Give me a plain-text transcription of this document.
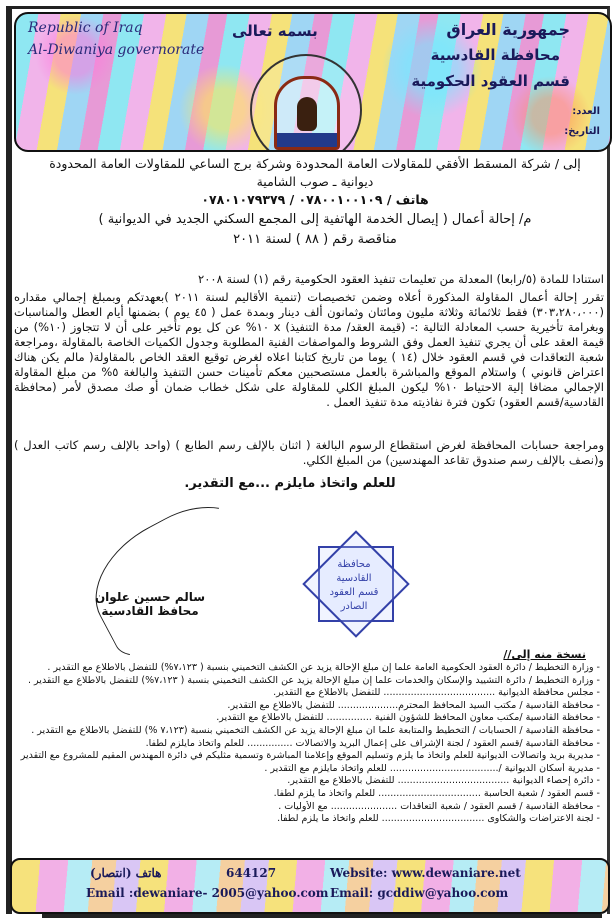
Republic of Iraq
Al-Diwaniya governorate
بسمه تعالى	جمهورية العراق
محافظة القادسية
قسم العقود الحكومية
العدد:
التاريخ:
إلى / شركة المسقط الأفقي للمقاولات العامة المحدودة وشركة برج الساعي للمقاولات العامة المحدودة
ديوانية ـ صوب الشامية
هاتف / ٠٧٨٠٠١٠٠١٠٩ / ٠٧٨٠١٠٧٩٣٧٩
م/ إحالة أعمال ( إيصال الخدمة الهاتفية إلى المجمع السكني الجديد في الديوانية )
مناقصة رقم ( ٨٨ ) لسنة ٢٠١١
استنادا للمادة (٥/رابعا) المعدلة من تعليمات تنفيذ العقود الحكومية رقم (١) لسنة ٢٠٠٨
تقرر إحالة أعمال المقاولة المذكورة أعلاه وضمن تخصيصات (تنمية الأقاليم لسنة ٢٠١١ )بعهدتكم وبمبلغ إجمالي مقداره (٣٠٣،٢٨٠،٠٠٠) فقط ثلاثمائة وثلاثة مليون ومائتان وثمانون ألف دينار وبمدة عمل ( ٤٥ يوم ) بضمنها أيام العطل والمناسبات وبغرامة تأخيرية حسب المعادلة التالية :- (قيمة العقد/ مدة التنفيذ) x ١٠% عن كل يوم تأخير على أن لا تتجاوز (١٠%) من قيمة العقد على أن يجري تنفيذ العمل وفق الشروط والمواصفات الفنية المطلوبة وجدول الكميات الخاصة بالمقاولة ،ومراجعة شعبة التعاقدات في قسم العقود خلال (١٤ ) يوما من تاريخ كتابنا اعلاه لغرض توقيع العقد الخاص بالمقاولة( مالم يكن هناك اعتراض قانوني ) واستلام الموقع والمباشرة بالعمل مستصحبين معكم تأمينات حسن التنفيذ والبالغة ٥% من مبلغ المقاولة الإجمالي مضافا إلية الاحتياط ١٠% ليكون المبلغ الكلي للمقاولة على شكل خطاب ضمان أو صك مصدق لأمر (محافظة القادسية/قسم العقود) تكون فترة نفاذيته مدة تنفيذ العمل .
ومراجعة حسابات المحافظة لغرض استقطاع الرسوم البالغة ( اثنان بالإلف رسم الطابع ) (واحد بالإلف رسم كاتب العدل ) و(نصف بالإلف رسم صندوق تقاعد المهندسين) من المبلغ الكلي.
للعلم واتخاذ مايلزم ...مع التقدير.
سالم حسين علوان
محافظ القادسية
محافظة القادسية
قسم العقود
الصادر
نسخة منه إلى//
- وزارة التخطيط / دائرة العقود الحكومية العامة علما إن مبلغ الإحالة يزيد عن الكشف التخميني بنسبة ( ٧،١٢٣%) للتفضل بالاطلاع مع التقدير .
- وزارة التخطيط / دائرة التشييد والإسكان والخدمات علما إن مبلغ الإحالة يزيد عن الكشف التخميني بنسبة ( ٧،١٢٣%) للتفضل بالاطلاع مع التقدير .
- مجلس محافظة الديوانية ..................................... للتفضل بالاطلاع مع التقدير.
- محافظة القادسية / مكتب السيد المحافظ المحترم.................... للتفضل بالاطلاع مع التقدير.
- محافظة القادسية /مكتب معاون المحافظ للشؤون الفنية ............... للتفضل بالاطلاع مع التقدير.
- محافظة القادسية / الحسابات / التخطيط والمتابعة علما ان مبلغ الإحالة يزيد عن الكشف التخميني بنسبة (٧،١٢٣ %) للتفضل بالاطلاع مع التقدير .
- محافظة القادسية /قسم العقود / لجنة الإشراف على إعمال البريد والاتصالات ............... للعلم واتخاذ مايلزم لطفا.
- مديرية بريد واتصالات الديوانية للعلم واتخاذ ما يلزم وتسليم الموقع وإعلامنا المباشرة وتسمية مثليكم في دائرة المهندس المقيم للمشروع مع التقدير
- مديرية أسكان الديوانية /.................................... للعلم واتخاذ مايلزم مع التقدير .
- دائرة إحصاء الديوانية ..................................... للتفضل بالاطلاع مع التقدير.
- قسم العقود / شعبة الحاسبة .................................. للعلم واتخاذ ما يلزم لطفا.
- محافظة القادسية / قسم العقود / شعبة التعاقدات ...................... مع الأوليات .
- لجنة الاعتراضات والشكاوى .................................. للعلم واتخاذ ما يلزم لطفا.
هاتف (انتصار)	644127
Email :dewaniare- 2005@yahoo.com
Website: www.dewaniare.net
Email: gcddiw@yahoo.com
